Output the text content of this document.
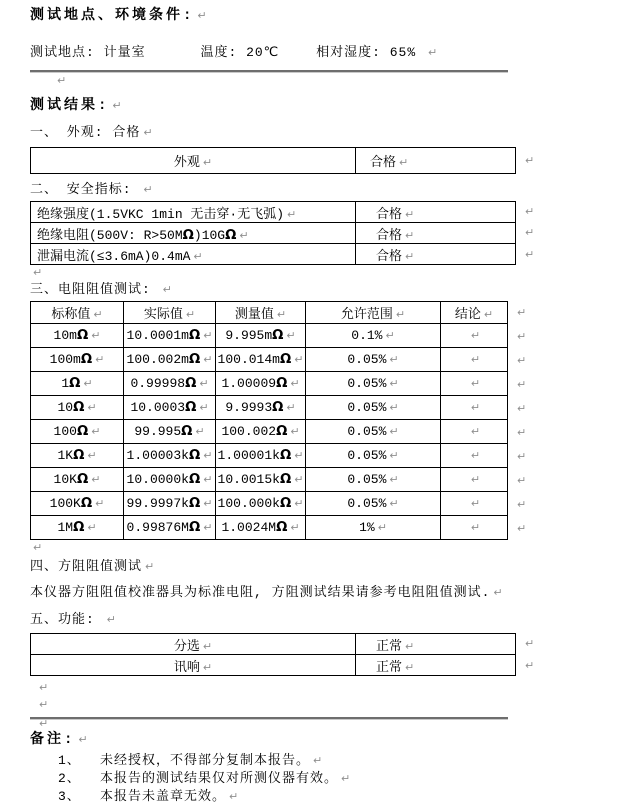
测试地点、环境条件: ↵
测试地点: 计量室	温度: 20℃	相对湿度: 65% ↵
↵
测试结果: ↵
一、 外观: 合格 ↵
外观 ↵	合格 ↵
↵
二、 安全指标: ↵
绝缘强度(1.5VKC 1min 无击穿·无飞弧) ↵	合格 ↵
绝缘电阻(500V: R>50MΩ)10GΩ ↵	合格 ↵
泄漏电流(≤3.6mA)0.4mA ↵	合格 ↵
↵
↵
↵
↵
三、电阻阻值测试: ↵
标称值 ↵	实际值 ↵	测量值 ↵	允许范围 ↵	结论 ↵
10mΩ ↵	10.0001mΩ ↵	9.995mΩ ↵	0.1% ↵	↵
100mΩ ↵	100.002mΩ ↵	100.014mΩ ↵	0.05% ↵	↵
1Ω ↵	0.99998Ω ↵	1.00009Ω ↵	0.05% ↵	↵
10Ω ↵	10.0003Ω ↵	9.9993Ω ↵	0.05% ↵	↵
100Ω ↵	99.995Ω ↵	100.002Ω ↵	0.05% ↵	↵
1KΩ ↵	1.00003kΩ ↵	1.00001kΩ ↵	0.05% ↵	↵
10KΩ ↵	10.0000kΩ ↵	10.0015kΩ ↵	0.05% ↵	↵
100KΩ ↵	99.9997kΩ ↵	100.000kΩ ↵	0.05% ↵	↵
1MΩ ↵	0.99876MΩ ↵	1.0024MΩ ↵	1% ↵	↵
↵
↵
↵
↵
↵
↵
↵
↵
↵
↵
↵
四、方阻阻值测试 ↵
本仪器方阻阻值校准器具为标准电阻, 方阻测试结果请参考电阻阻值测试. ↵
五、功能: ↵
分选 ↵	正常 ↵
讯响 ↵	正常 ↵
↵
↵
↵
↵
↵
备注: ↵
1、	未经授权，不得部分复制本报告。 ↵
2、	本报告的测试结果仅对所测仪器有效。 ↵
3、	本报告未盖章无效。 ↵
